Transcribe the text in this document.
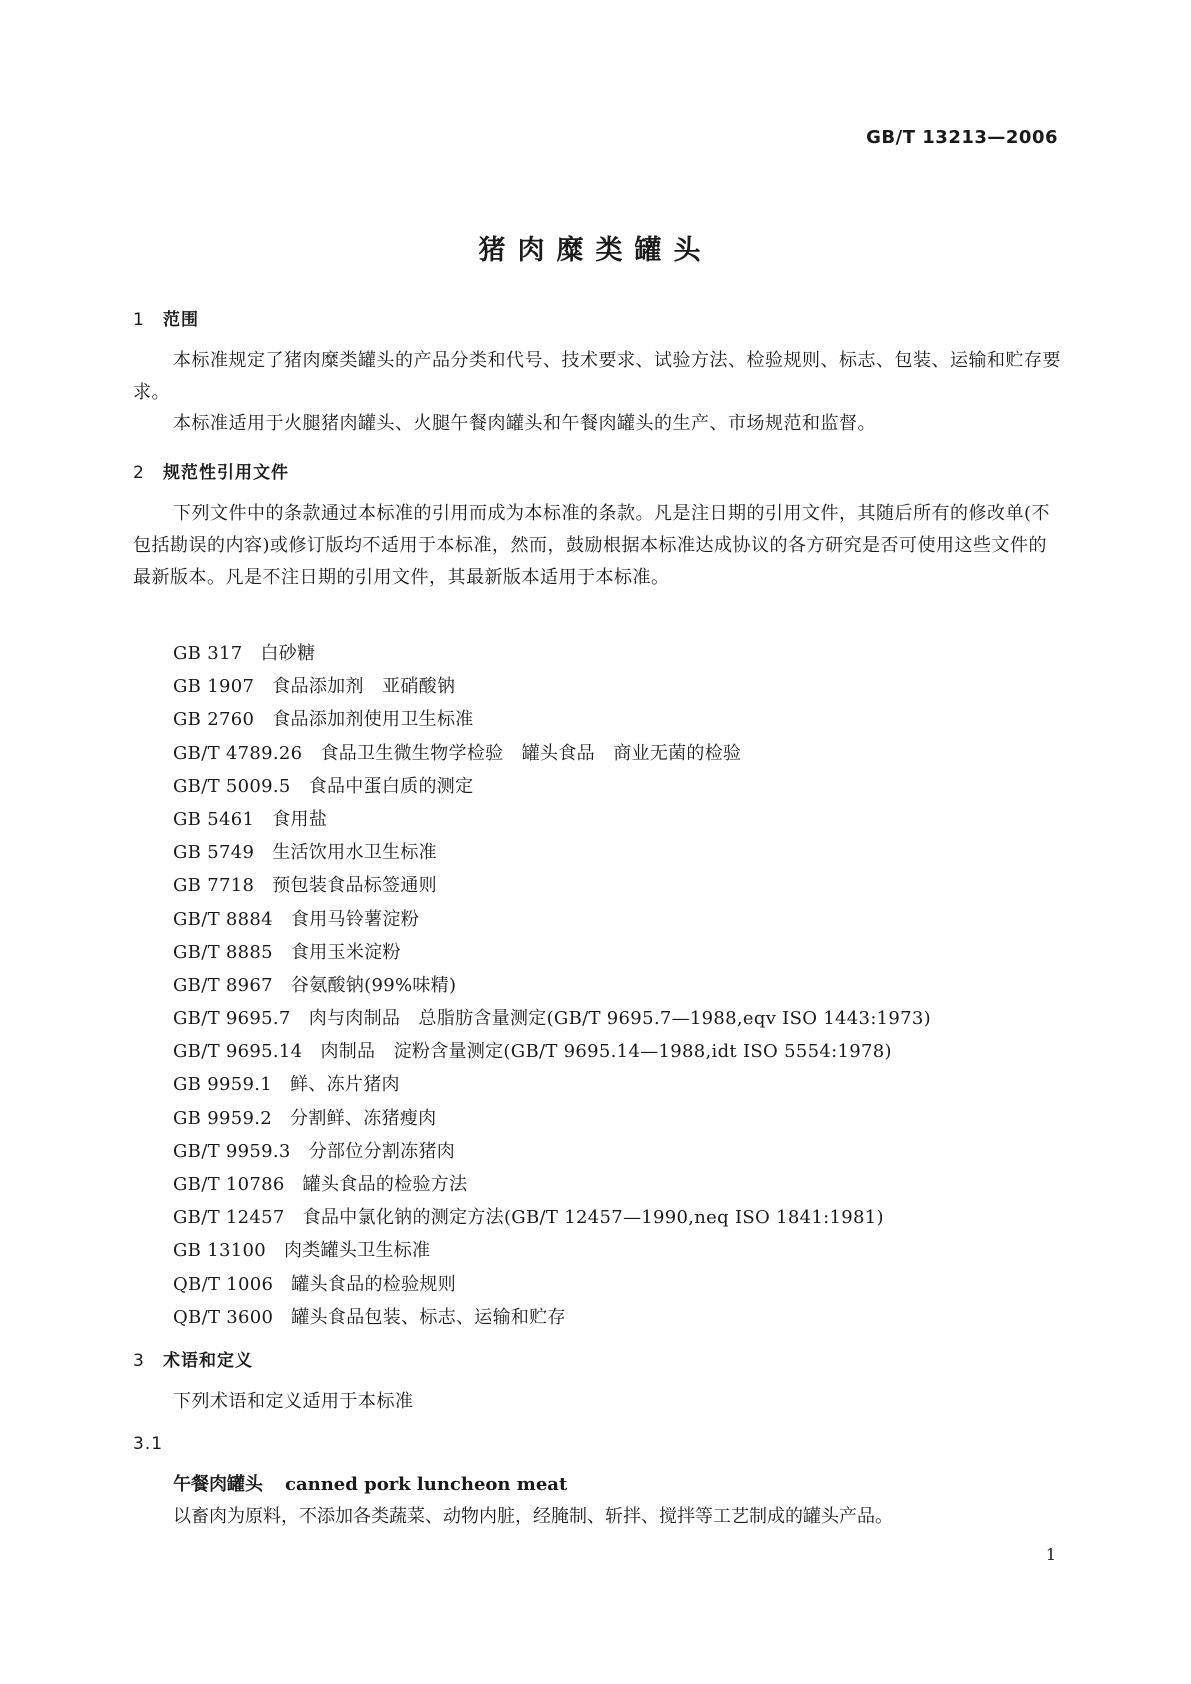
GB/T 13213—2006
猪肉糜类罐头
1 范围
本标准规定了猪肉糜类罐头的产品分类和代号、技术要求、试验方法、检验规则、标志、包装、运输和贮存要求。
本标准适用于火腿猪肉罐头、火腿午餐肉罐头和午餐肉罐头的生产、市场规范和监督。
2 规范性引用文件
下列文件中的条款通过本标准的引用而成为本标准的条款。凡是注日期的引用文件，其随后所有的修改单(不包括勘误的内容)或修订版均不适用于本标准，然而，鼓励根据本标准达成协议的各方研究是否可使用这些文件的最新版本。凡是不注日期的引用文件，其最新版本适用于本标准。
GB 317 白砂糖
GB 1907 食品添加剂　亚硝酸钠
GB 2760 食品添加剂使用卫生标准
GB/T 4789.26 食品卫生微生物学检验　罐头食品　商业无菌的检验
GB/T 5009.5 食品中蛋白质的测定
GB 5461 食用盐
GB 5749 生活饮用水卫生标准
GB 7718 预包装食品标签通则
GB/T 8884 食用马铃薯淀粉
GB/T 8885 食用玉米淀粉
GB/T 8967 谷氨酸钠(99%味精)
GB/T 9695.7 肉与肉制品　总脂肪含量测定(GB/T 9695.7—1988,eqv ISO 1443:1973)
GB/T 9695.14 肉制品　淀粉含量测定(GB/T 9695.14—1988,idt ISO 5554:1978)
GB 9959.1 鲜、冻片猪肉
GB 9959.2 分割鲜、冻猪瘦肉
GB/T 9959.3 分部位分割冻猪肉
GB/T 10786 罐头食品的检验方法
GB/T 12457 食品中氯化钠的测定方法(GB/T 12457—1990,neq ISO 1841:1981)
GB 13100 肉类罐头卫生标准
QB/T 1006 罐头食品的检验规则
QB/T 3600 罐头食品包装、标志、运输和贮存
3 术语和定义
下列术语和定义适用于本标准
3.1
午餐肉罐头 canned pork luncheon meat
以畜肉为原料，不添加各类蔬菜、动物内脏，经腌制、斩拌、搅拌等工艺制成的罐头产品。
1
